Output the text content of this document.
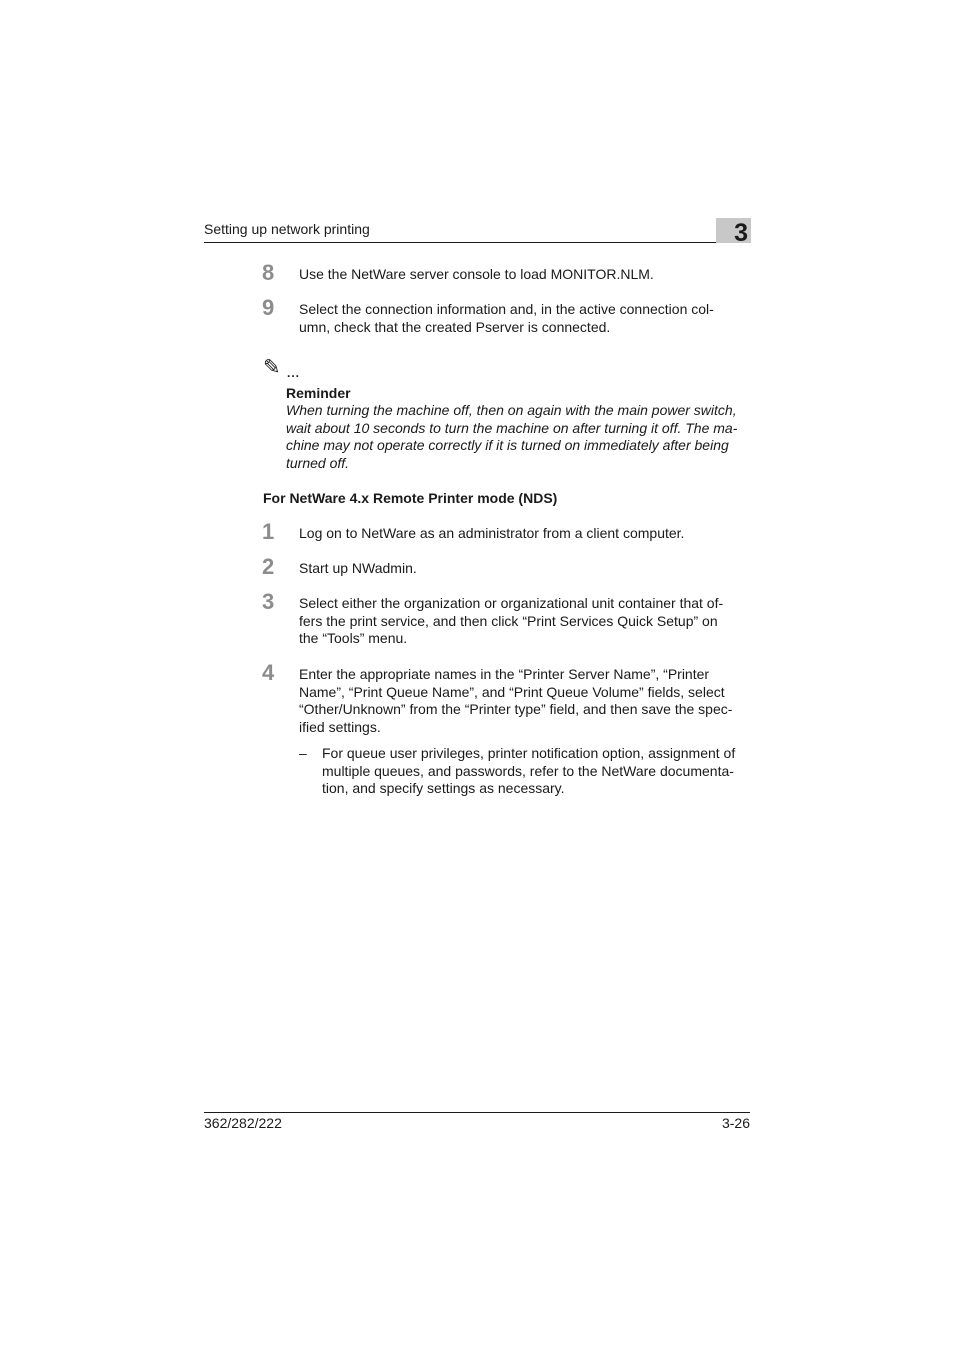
Setting up network printing	3
8	Use the NetWare server console to load MONITOR.NLM.
9	Select the connection information and, in the active connection col-
umn, check that the created Pserver is connected.
✎ ...
Reminder
When turning the machine off, then on again with the main power switch,
wait about 10 seconds to turn the machine on after turning it off. The ma-
chine may not operate correctly if it is turned on immediately after being
turned off.
For NetWare 4.x Remote Printer mode (NDS)
1	Log on to NetWare as an administrator from a client computer.
2	Start up NWadmin.
3	Select either the organization or organizational unit container that of-
fers the print service, and then click “Print Services Quick Setup” on
the “Tools” menu.
4	Enter the appropriate names in the “Printer Server Name”, “Printer
Name”, “Print Queue Name”, and “Print Queue Volume” fields, select
“Other/Unknown” from the “Printer type” field, and then save the spec-
ified settings.
– For queue user privileges, printer notification option, assignment of
multiple queues, and passwords, refer to the NetWare documenta-
tion, and specify settings as necessary.
362/282/222	3-26
